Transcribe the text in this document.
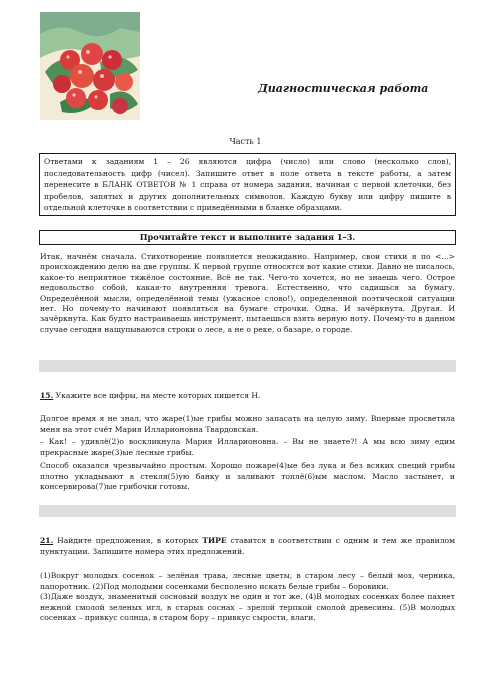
Диагностическая работа
Часть 1
Ответами к заданиям 1 – 26 являются цифра (число) или слово (несколько слов), последовательность цифр (чисел). Запишите ответ в поле ответа в тексте работы, а затем перенесите в БЛАНК ОТВЕТОВ № 1 справа от номера задания, начиная с первой клеточки, без пробелов, запятых и других дополнительных символов. Каждую букву или цифру пишите в отдельной клеточке в соответствии с приведёнными в бланке образцами.
Прочитайте текст и выполните задания 1–3.
Итак, начнём сначала. Стихотворение появляется неожиданно. Например, свои стихи я по <...> происхождению делю на две группы. К первой группе относятся вот какие стихи. Давно не писалось, какое-то неприятное тяжёлое состояние. Всё не так. Чего-то хочется, но не знаешь чего. Острое недовольство собой, какая-то внутренняя тревога. Естественно, что садишься за бумагу. Определённой мысли, определённой темы (ужасное слово!), определенной поэтической ситуации нет. Но почему-то начинают появляться на бумаге строчки. Одна. И зачёркнута. Другая. И зачёркнута. Как будто настраиваешь инструмент, пытаешься взять верную ноту. Почему-то в данном случае сегодня нащупываются строки о лесе, а не о реке, о базаре, о городе.

15. Укажите все цифры, на месте которых пишется Н.

Долгое время я не знал, что жаре(1)ые грибы можно запасать на целую зиму. Впервые просветила меня на этот счёт Мария Илларионовна Твардовская.
– Как! – удивлё(2)о воскликнула Мария Илларионовна. – Вы не знаете?! А мы всю зиму едим прекрасные жаре(3)ые лесные грибы.
Способ оказался чрезвычайно простым. Хорошо пожаре(4)ые без лука и без всяких специй грибы плотно укладывают в стекля(5)ую банку и заливают топлё(6)ым маслом. Масло застынет, и консервирова(7)ые грибочки готовы.

21. Найдите предложения, в которых ТИРЕ ставится в соответствии с одним и тем же правилом пунктуации. Запишите номера этих предложений.

(1)Вокруг молодых сосенок – зелёная трава, лесные цветы, в старом лесу – белый мох, черника, папоротник. (2)Под молодыми сосенками бесполезно искать белые грибы – боровики.
(3)Даже воздух, знаменитый сосновый воздух не один и тот же. (4)В молодых сосенках более пахнет нежной смолой зеленых игл, в старых соснах – зрелой терпкой смолой древесины. (5)В молодых сосенках – привкус солнца, в старом бору – привкус сырости, влаги.
